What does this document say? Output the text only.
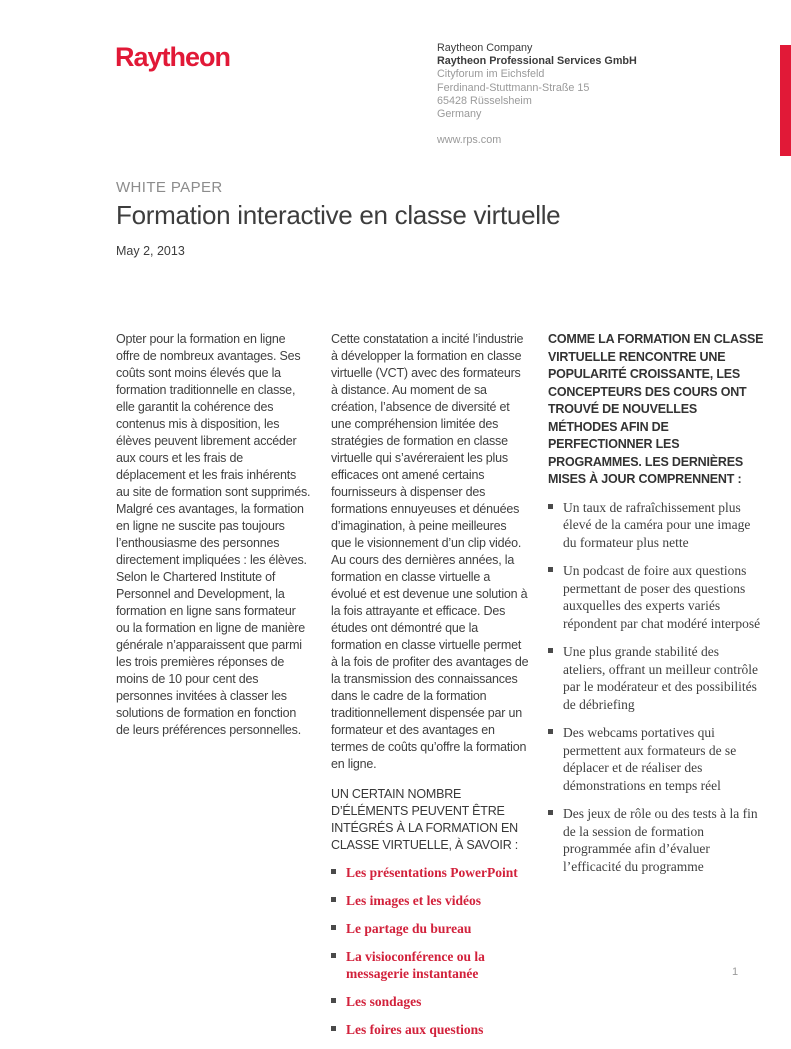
Raytheon	Raytheon Company
Raytheon Professional Services GmbH
Cityforum im Eichsfeld
Ferdinand-Stuttmann-Straße 15
65428 Rüsselsheim
Germany
www.rps.com
WHITE PAPER
Formation interactive en classe virtuelle
May 2, 2013

Opter pour la formation en ligne offre de nombreux avantages. Ses coûts sont moins élevés que la formation traditionnelle en classe, elle garantit la cohérence des contenus mis à disposition, les élèves peuvent librement accéder aux cours et les frais de déplacement et les frais inhérents au site de formation sont supprimés. Malgré ces avantages, la formation en ligne ne suscite pas toujours l’enthousiasme des personnes directement impliquées : les élèves. Selon le Chartered Institute of Personnel and Development, la formation en ligne sans formateur ou la formation en ligne de manière générale n’apparaissent que parmi les trois premières réponses de moins de 10 pour cent des personnes invitées à classer les solutions de formation en fonction de leurs préférences personnelles.

Cette constatation a incité l’industrie à développer la formation en classe virtuelle (VCT) avec des formateurs à distance. Au moment de sa création, l’absence de diversité et une compréhension limitée des stratégies de formation en classe virtuelle qui s’avéreraient les plus efficaces ont amené certains fournisseurs à dispenser des formations ennuyeuses et dénuées d’imagination, à peine meilleures que le visionnement d’un clip vidéo. Au cours des dernières années, la formation en classe virtuelle a évolué et est devenue une solution à la fois attrayante et efficace. Des études ont démontré que la formation en classe virtuelle permet à la fois de profiter des avantages de la transmission des connaissances dans le cadre de la formation traditionnellement dispensée par un formateur et des avantages en termes de coûts qu’offre la formation en ligne.

UN CERTAIN NOMBRE D’ÉLÉMENTS PEUVENT ÊTRE INTÉGRÉS À LA FORMATION EN CLASSE VIRTUELLE, À SAVOIR :
Les présentations PowerPoint
Les images et les vidéos
Le partage du bureau
La visioconférence ou la messagerie instantanée
Les sondages
Les foires aux questions
COMME LA FORMATION EN CLASSE VIRTUELLE RENCONTRE UNE POPULARITÉ CROISSANTE, LES CONCEPTEURS DES COURS ONT TROUVÉ DE NOUVELLES MÉTHODES AFIN DE PERFECTIONNER LES PROGRAMMES. LES DERNIÈRES MISES À JOUR COMPRENNENT :
Un taux de rafraîchissement plus élevé de la caméra pour une image du formateur plus nette
Un podcast de foire aux questions permettant de poser des questions auxquelles des experts variés répondent par chat modéré interposé
Une plus grande stabilité des ateliers, offrant un meilleur contrôle par le modérateur et des possibilités de débriefing
Des webcams portatives qui permettent aux formateurs de se déplacer et de réaliser des démonstrations en temps réel
Des jeux de rôle ou des tests à la fin de la session de formation programmée afin d’évaluer l’efficacité du programme
1
